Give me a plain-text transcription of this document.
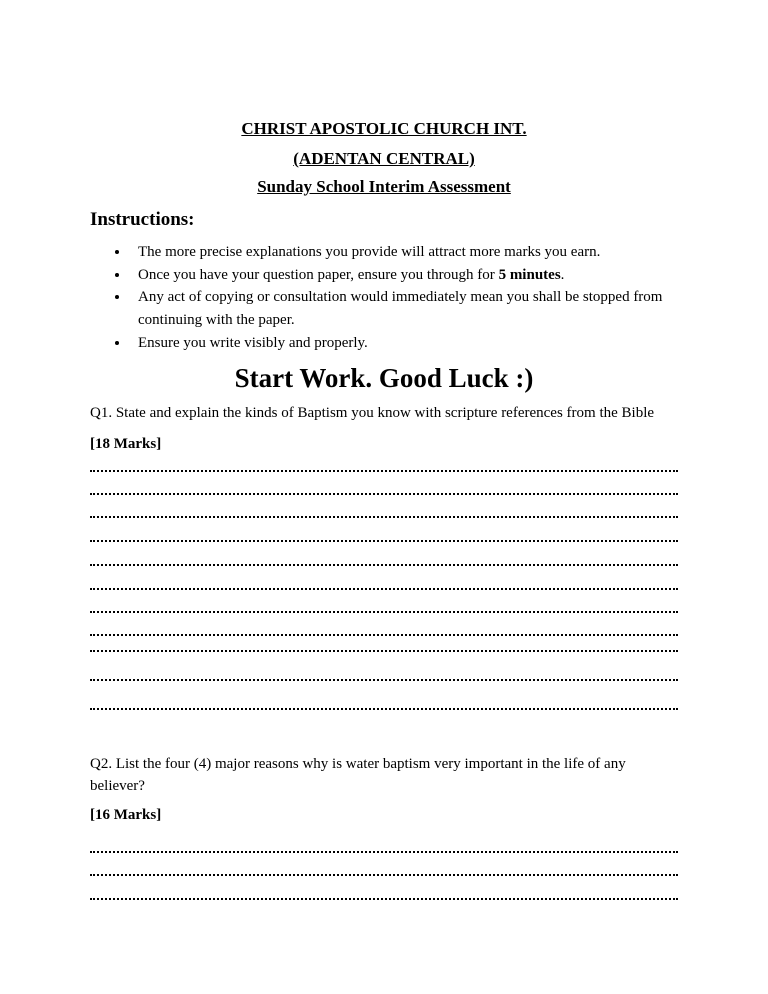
CHRIST APOSTOLIC CHURCH INT.
(ADENTAN CENTRAL)
Sunday School Interim Assessment
Instructions:
• The more precise explanations you provide will attract more marks you earn.
• Once you have your question paper, ensure you through for 5 minutes.
• Any act of copying or consultation would immediately mean you shall be stopped from continuing with the paper.
• Ensure you write visibly and properly.
Start Work. Good Luck :)
Q1. State and explain the kinds of Baptism you know with scripture references from the Bible
[18 Marks]
Q2. List the four (4) major reasons why is water baptism very important in the life of any believer?
[16 Marks]
